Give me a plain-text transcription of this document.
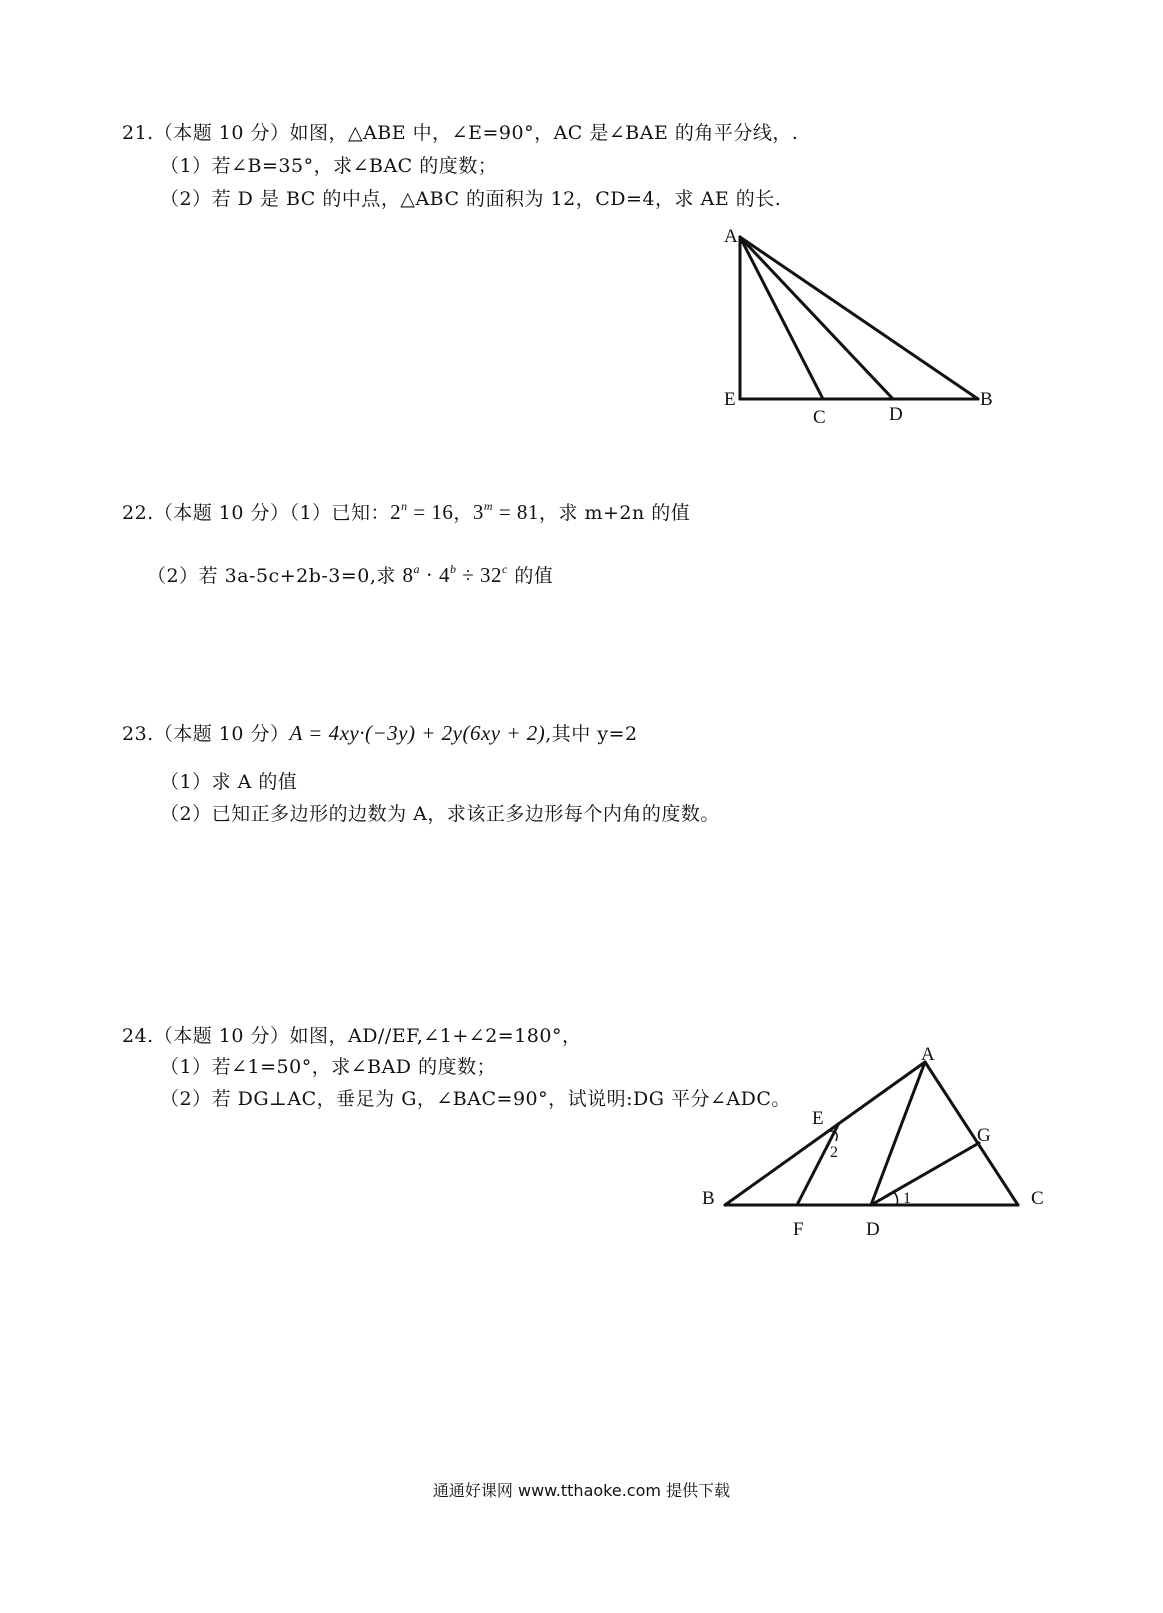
21.（本题 10 分）如图，△ABE 中，∠E=90°，AC 是∠BAE 的角平分线，.
（1）若∠B=35°，求∠BAC 的度数；
（2）若 D 是 BC 的中点，△ABC 的面积为 12，CD=4，求 AE 的长.
22.（本题 10 分）（1）已知：$2^n = 16$，$3^m = 81$，求 m+2n 的值
（2）若 3a-5c+2b-3=0,求 $8^a \cdot 4^b \div 32^c$ 的值
23.（本题 10 分）A = 4xy·(−3y) + 2y(6xy + 2),其中 y=2
（1）求 A 的值
（2）已知正多边形的边数为 A，求该正多边形每个内角的度数。
24.（本题 10 分）如图，AD//EF,∠1+∠2=180°，
（1）若∠1=50°，求∠BAD 的度数；
（2）若 DG⊥AC，垂足为 G，∠BAC=90°，试说明:DG 平分∠ADC。
A
E
C	D
B
A
E
G
B	C
F	D
2
1
通通好课网 www.tthaoke.com 提供下载
